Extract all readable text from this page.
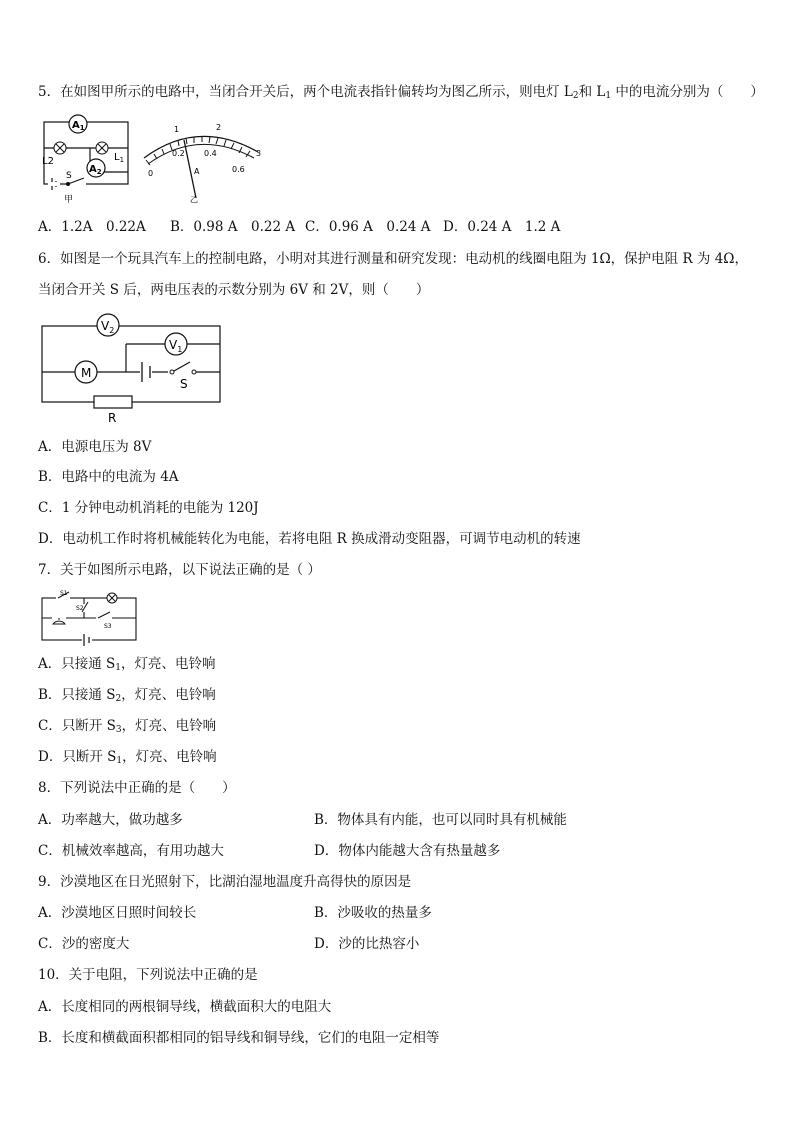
5．在如图甲所示的电路中，当闭合开关后，两个电流表指针偏转均为图乙所示，则电灯 $L_2$和 $L_1$ 中的电流分别为（　　）
$A_1$
L2	$L_1$
$A_2$
S
甲
1	2
3
0
0.2 0.4
0.6
A
乙
A．1.2A　0.22A B．0.98 A　0.22 A C．0.96 A　0.24 A D．0.24 A　1.2 A
6．如图是一个玩具汽车上的控制电路，小明对其进行测量和研究发现：电动机的线圈电阻为 1Ω，保护电阻 R 为 4Ω，
当闭合开关 S 后，两电压表的示数分别为 6V 和 2V，则（　　）
$V_2$
$V_1$
M
S
R
A．电源电压为 8V
B．电路中的电流为 4A
C．1 分钟电动机消耗的电能为 120J
D．电动机工作时将机械能转化为电能，若将电阻 R 换成滑动变阻器，可调节电动机的转速
7．关于如图所示电路，以下说法正确的是（ ）
S1
S2
S3
A．只接通 $S_1$，灯亮、电铃响
B．只接通 $S_2$，灯亮、电铃响
C．只断开 $S_3$，灯亮、电铃响
D．只断开 $S_1$，灯亮、电铃响
8．下列说法中正确的是（　　）
A．功率越大，做功越多	B．物体具有内能，也可以同时具有机械能
C．机械效率越高，有用功越大	D．物体内能越大含有热量越多
9．沙漠地区在日光照射下，比湖泊湿地温度升高得快的原因是
A．沙漠地区日照时间较长	B．沙吸收的热量多
C．沙的密度大	D．沙的比热容小
10．关于电阻，下列说法中正确的是
A．长度相同的两根铜导线，横截面积大的电阻大
B．长度和横截面积都相同的铝导线和铜导线，它们的电阻一定相等
